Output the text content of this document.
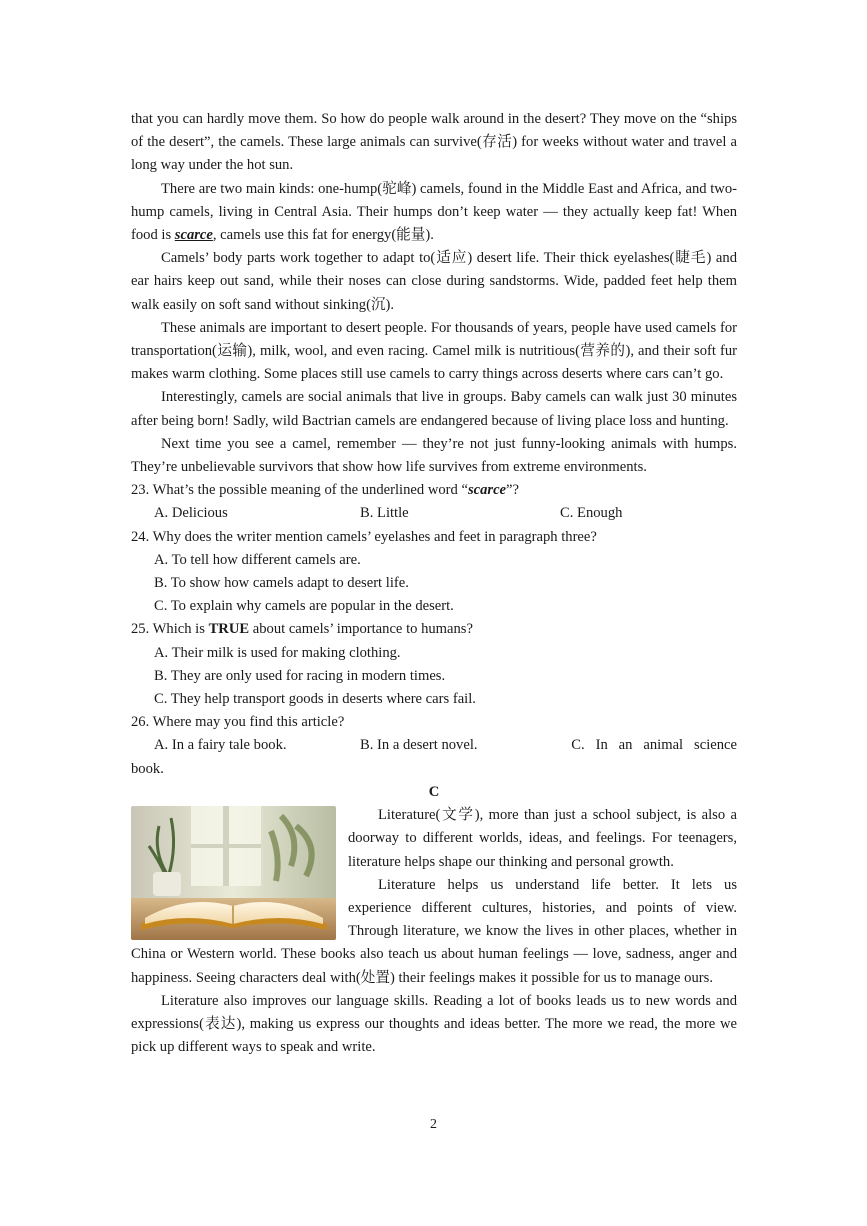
that you can hardly move them. So how do people walk around in the desert? They move on the “ships of the desert”, the camels. These large animals can survive(存活) for weeks without water and travel a long way under the hot sun.

There are two main kinds: one-hump(驼峰) camels, found in the Middle East and Africa, and two-hump camels, living in Central Asia. Their humps don’t keep water — they actually keep fat! When food is scarce, camels use this fat for energy(能量).

Camels’ body parts work together to adapt to(适应) desert life. Their thick eyelashes(睫毛) and ear hairs keep out sand, while their noses can close during sandstorms. Wide, padded feet help them walk easily on soft sand without sinking(沉).

These animals are important to desert people. For thousands of years, people have used camels for transportation(运输), milk, wool, and even racing. Camel milk is nutritious(营养的), and their soft fur makes warm clothing. Some places still use camels to carry things across deserts where cars can’t go.

Interestingly, camels are social animals that live in groups. Baby camels can walk just 30 minutes after being born! Sadly, wild Bactrian camels are endangered because of living place loss and hunting.

Next time you see a camel, remember — they’re not just funny-looking animals with humps. They’re unbelievable survivors that show how life survives from extreme environments.

23. What’s the possible meaning of the underlined word “scarce”?

A. Delicious	B. Little	C. Enough

24. Why does the writer mention camels’ eyelashes and feet in paragraph three?

A. To tell how different camels are.

B. To show how camels adapt to desert life.

C. To explain why camels are popular in the desert.

25. Which is TRUE about camels’ importance to humans?

A. Their milk is used for making clothing.

B. They are only used for racing in modern times.

C. They help transport goods in deserts where cars fail.

26. Where may you find this article?

A. In a fairy tale book.	B. In a desert novel.	C.   In   an   animal   science

book.

C

Literature(文学), more than just a school subject, is also a doorway to different worlds, ideas, and feelings. For teenagers, literature helps shape our thinking and personal growth.

Literature helps us understand life better. It lets us experience different cultures, histories, and points of view. Through literature, we know the lives in other places, whether in China or Western world. These books also teach us about human feelings — love, sadness, anger and happiness. Seeing characters deal with(处置) their feelings makes it possible for us to manage ours.

Literature also improves our language skills. Reading a lot of books leads us to new words and expressions(表达), making us express our thoughts and ideas better. The more we read, the more we pick up different ways to speak and write.

2
